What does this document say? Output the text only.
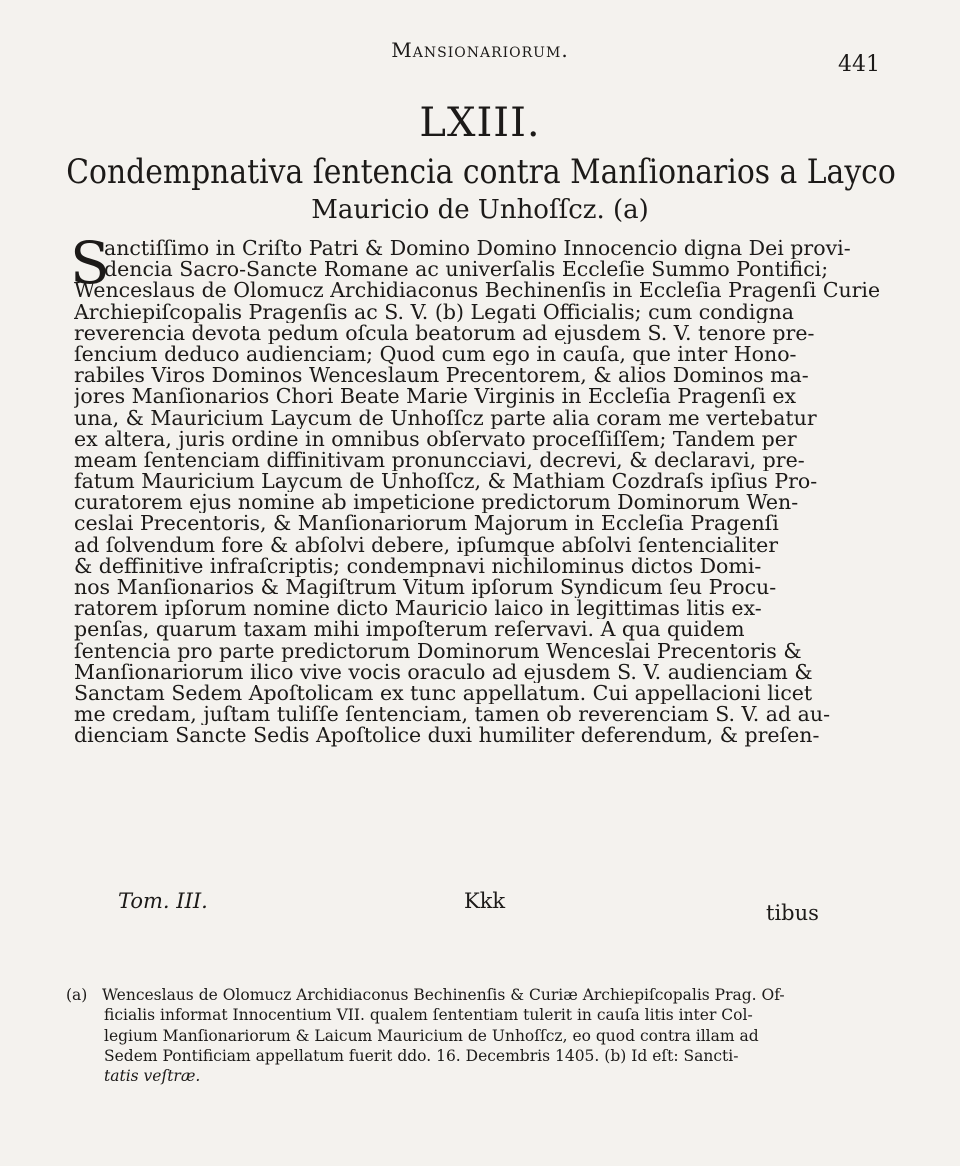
Mansionariorum.
441
LXIII.
Condempnativa ſentencia contra Manſionarios a Layco
Mauricio de Unhoſſcz. (a)
S
anctiſſimo in Criſto Patri & Domino Domino Innocencio digna Dei provi-
dencia Sacro-Sancte Romane ac univerſalis Eccleſie Summo Pontifici;
Wenceslaus de Olomucz Archidiaconus Bechinenſis in Eccleſia Pragenſi Curie
Archiepiſcopalis Pragenſis ac S. V. (b) Legati Officialis; cum condigna
reverencia devota pedum oſcula beatorum ad ejusdem S. V. tenore pre-
ſencium deduco audienciam; Quod cum ego in cauſa, que inter Hono-
rabiles Viros Dominos Wenceslaum Precentorem, & alios Dominos ma-
jores Manſionarios Chori Beate Marie Virginis in Eccleſia Pragenſi ex
una, & Mauricium Laycum de Unhoſſcz parte alia coram me vertebatur
ex altera, juris ordine in omnibus obſervato proceſſiſſem; Tandem per
meam ſentenciam diffinitivam pronuncciavi, decrevi, & declaravi, pre-
fatum Mauricium Laycum de Unhoſſcz, & Mathiam Cozdraſs ipſius Pro-
curatorem ejus nomine ab impeticione predictorum Dominorum Wen-
ceslai Precentoris, & Manſionariorum Majorum in Eccleſia Pragenſi
ad ſolvendum fore & abſolvi debere, ipſumque abſolvi ſentencialiter
& deffinitive infraſcriptis; condempnavi nichilominus dictos Domi-
nos Manſionarios & Magiſtrum Vitum ipſorum Syndicum ſeu Procu-
ratorem ipſorum nomine dicto Mauricio laico in legittimas litis ex-
penſas, quarum taxam mihi impoſterum reſervavi. A qua quidem
ſentencia pro parte predictorum Dominorum Wenceslai Precentoris &
Manſionariorum ilico vive vocis oraculo ad ejusdem S. V. audienciam &
Sanctam Sedem Apoſtolicam ex tunc appellatum. Cui appellacioni licet
me credam, juſtam tuliſſe ſentenciam, tamen ob reverenciam S. V. ad au-
dienciam Sancte Sedis Apoſtolice duxi humiliter deferendum, & preſen-
Tom. III.	Kkk	tibus
(a) Wenceslaus de Olomucz Archidiaconus Bechinenſis & Curiæ Archiepiſcopalis Prag. Of-
ficialis informat Innocentium VII. qualem ſententiam tulerit in cauſa litis inter Col-
legium Manſionariorum & Laicum Mauricium de Unhoſſcz, eo quod contra illam ad
Sedem Pontificiam appellatum fuerit ddo. 16. Decembris 1405. (b) Id eſt: Sancti-
tatis veſtræ.
